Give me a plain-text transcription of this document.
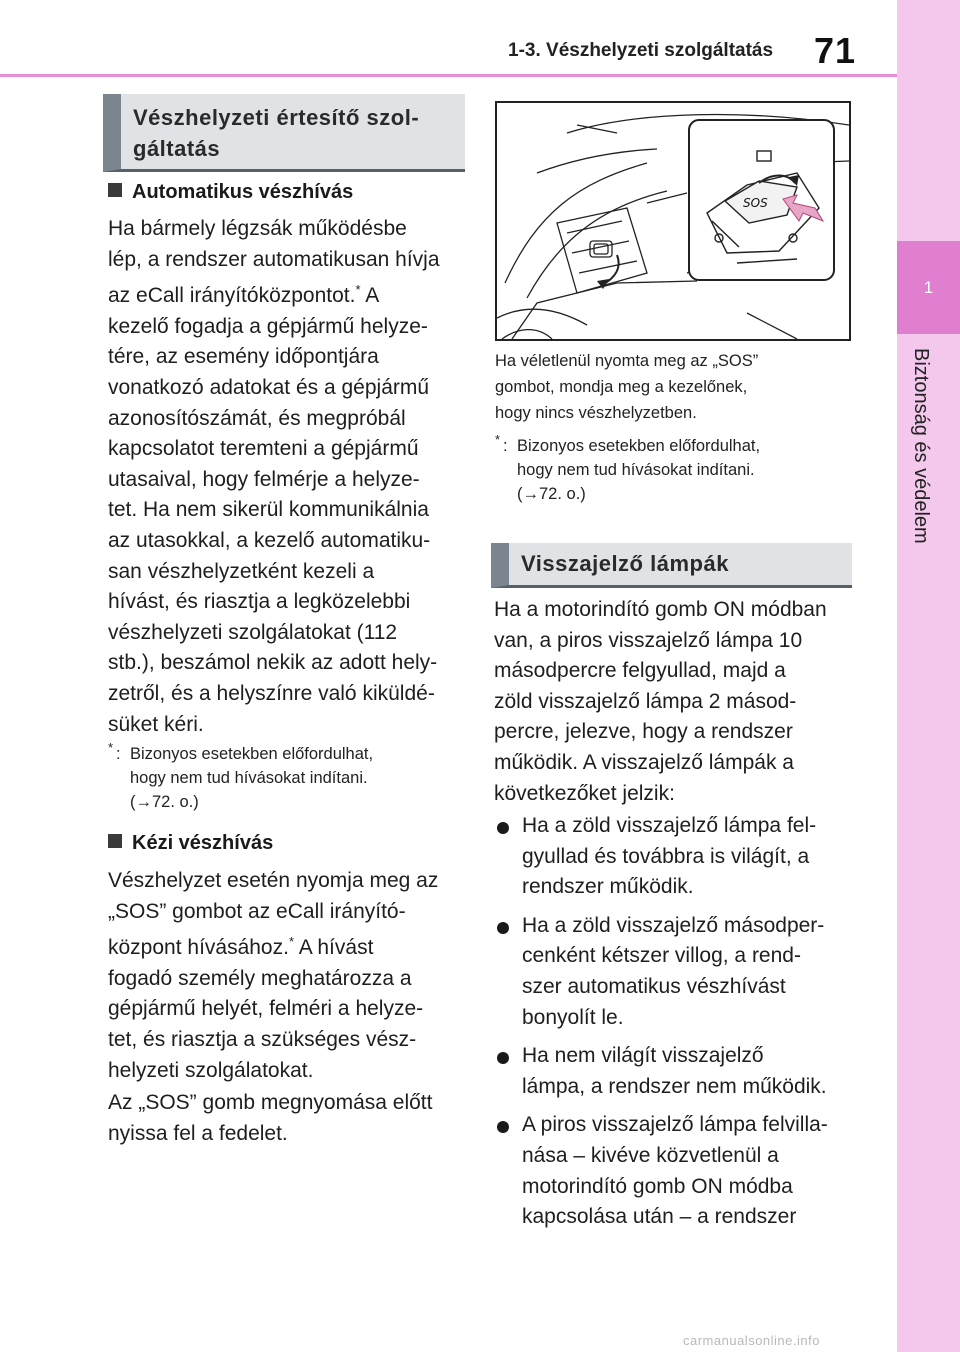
1-3. Vészhelyzeti szolgáltatás 71
1
Biztonság és védelem
Vészhelyzeti értesítő szol-
gáltatás
Automatikus vészhívás
Ha bármely légzsák működésbe
lép, a rendszer automatikusan hívja
az eCall irányítóközpontot.* A
kezelő fogadja a gépjármű helyze-
tére, az esemény időpontjára
vonatkozó adatokat és a gépjármű
azonosítószámát, és megpróbál
kapcsolatot teremteni a gépjármű
utasaival, hogy felmérje a helyze-
tet. Ha nem sikerül kommunikálnia
az utasokkal, a kezelő automatiku-
san vészhelyzetként kezeli a
hívást, és riasztja a legközelebbi
vészhelyzeti szolgálatokat (112
stb.), beszámol nekik az adott hely-
zetről, és a helyszínre való kiküldé-
süket kéri.
* : Bizonyos esetekben előfordulhat,
hogy nem tud hívásokat indítani.
(→72. o.)
Kézi vészhívás
Vészhelyzet esetén nyomja meg az
„SOS” gombot az eCall irányító-
központ hívásához.* A hívást
fogadó személy meghatározza a
gépjármű helyét, felméri a helyze-
tet, és riasztja a szükséges vész-
helyzeti szolgálatokat.
Az „SOS” gomb megnyomása előtt
nyissa fel a fedelet.
SOS
Ha véletlenül nyomta meg az „SOS”
gombot, mondja meg a kezelőnek,
hogy nincs vészhelyzetben.
* : Bizonyos esetekben előfordulhat,
hogy nem tud hívásokat indítani.
(→72. o.)
Visszajelző lámpák
Ha a motorindító gomb ON módban
van, a piros visszajelző lámpa 10
másodpercre felgyullad, majd a
zöld visszajelző lámpa 2 másod-
percre, jelezve, hogy a rendszer
működik. A visszajelző lámpák a
következőket jelzik:
Ha a zöld visszajelző lámpa fel-
gyullad és továbbra is világít, a
rendszer működik.
Ha a zöld visszajelző másodper-
cenként kétszer villog, a rend-
szer automatikus vészhívást
bonyolít le.
Ha nem világít visszajelző
lámpa, a rendszer nem működik.
A piros visszajelző lámpa felvilla-
nása – kivéve közvetlenül a
motorindító gomb ON módba
kapcsolása után – a rendszer
carmanualsonline.info
